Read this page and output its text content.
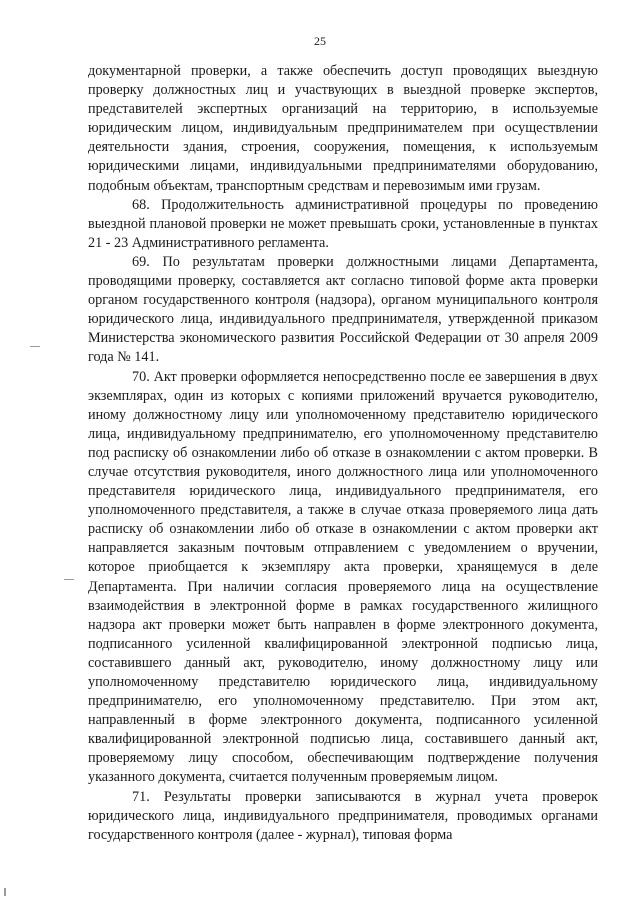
25

документарной проверки, а также обеспечить доступ проводящих выездную проверку должностных лиц и участвующих в выездной проверке экспертов, представителей экспертных организаций на территорию, в используемые юридическим лицом, индивидуальным предпринимателем при осуществлении деятельности здания, строения, сооружения, помещения, к используемым юридическими лицами, индивидуальными предпринимателями оборудованию, подобным объектам, транспортным средствам и перевозимым ими грузам.

68. Продолжительность административной процедуры по проведению выездной плановой проверки не может превышать сроки, установленные в пунктах 21 - 23 Административного регламента.

69. По результатам проверки должностными лицами Департамента, проводящими проверку, составляется акт согласно типовой форме акта проверки органом государственного контроля (надзора), органом муниципального контроля юридического лица, индивидуального предпринимателя, утвержденной приказом Министерства экономического развития Российской Федерации от 30 апреля 2009 года № 141.

70. Акт проверки оформляется непосредственно после ее завершения в двух экземплярах, один из которых с копиями приложений вручается руководителю, иному должностному лицу или уполномоченному представителю юридического лица, индивидуальному предпринимателю, его уполномоченному представителю под расписку об ознакомлении либо об отказе в ознакомлении с актом проверки. В случае отсутствия руководителя, иного должностного лица или уполномоченного представителя юридического лица, индивидуального предпринимателя, его уполномоченного представителя, а также в случае отказа проверяемого лица дать расписку об ознакомлении либо об отказе в ознакомлении с актом проверки акт направляется заказным почтовым отправлением с уведомлением о вручении, которое приобщается к экземпляру акта проверки, хранящемуся в деле Департамента. При наличии согласия проверяемого лица на осуществление взаимодействия в электронной форме в рамках государственного жилищного надзора акт проверки может быть направлен в форме электронного документа, подписанного усиленной квалифицированной электронной подписью лица, составившего данный акт, руководителю, иному должностному лицу или уполномоченному представителю юридического лица, индивидуальному предпринимателю, его уполномоченному представителю. При этом акт, направленный в форме электронного документа, подписанного усиленной квалифицированной электронной подписью лица, составившего данный акт, проверяемому лицу способом, обеспечивающим подтверждение получения указанного документа, считается полученным проверяемым лицом.

71. Результаты проверки записываются в журнал учета проверок юридического лица, индивидуального предпринимателя, проводимых органами государственного контроля (далее - журнал), типовая форма
